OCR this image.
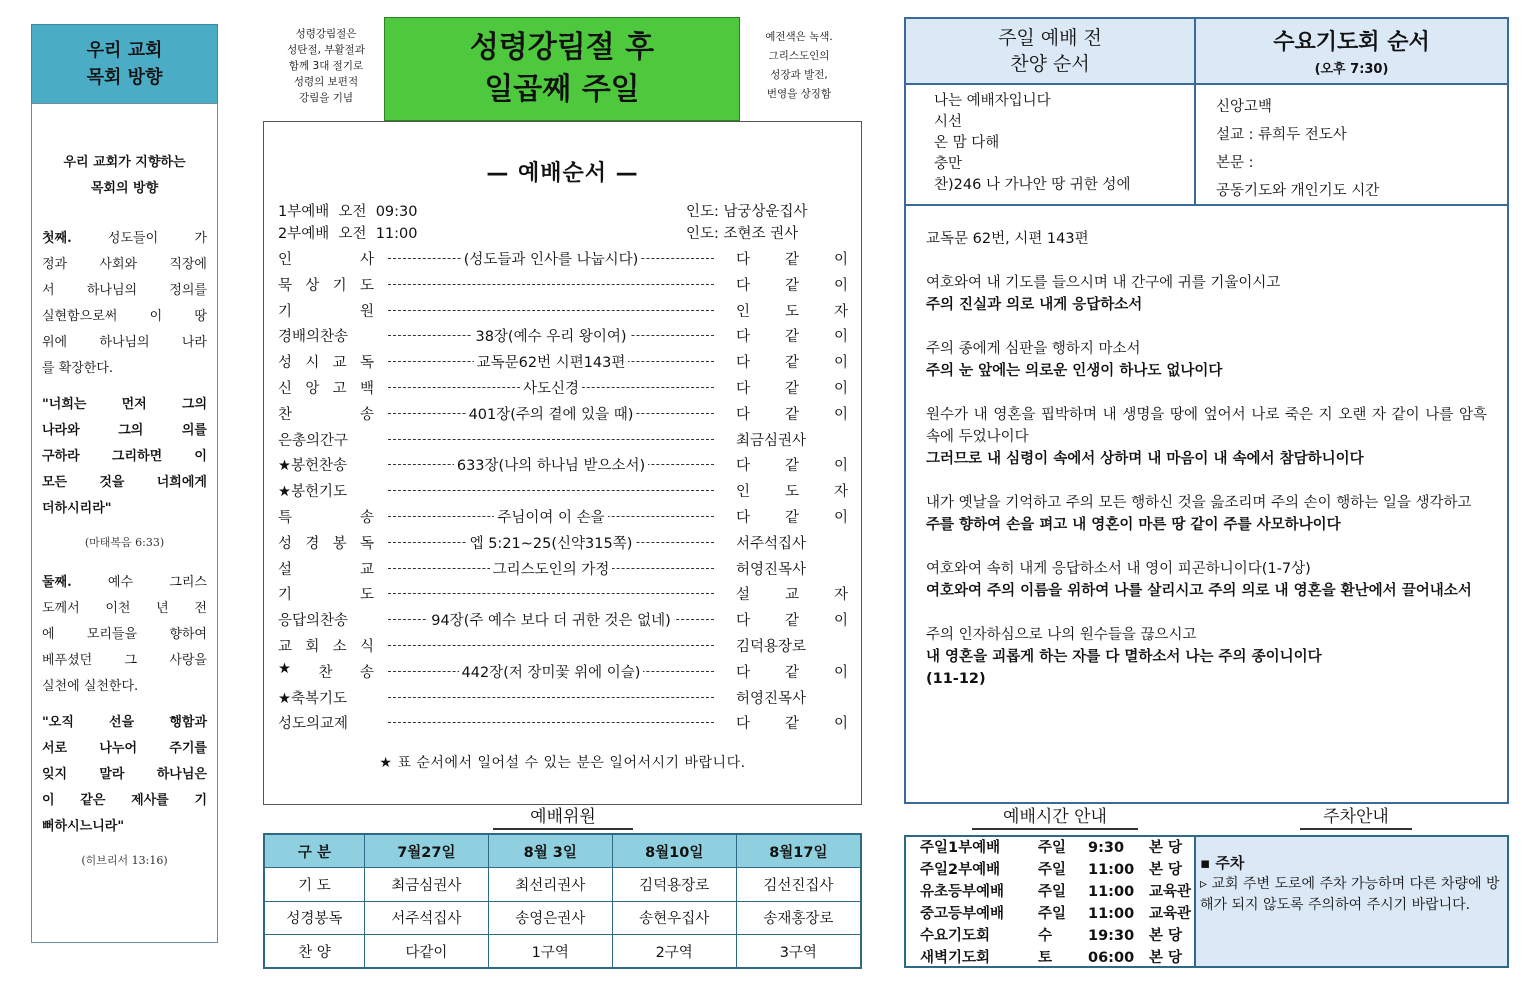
우리 교회
목회 방향
우리 교회가 지향하는
목회의 방향
첫째. 성도들이 가
정과 사회와 직장에
서 하나님의 정의를
실현함으로써 이 땅
위에 하나님의 나라
를 확장한다.
"너희는 먼저 그의
나라와 그의 의를
구하라 그리하면 이
모든 것을 너희에게
더하시리라"
(마태복음 6:33)
둘째. 예수 그리스
도께서 이천 년 전
에 모리들을 향하여
베푸셨던 그 사랑을
실천에 실천한다.
"오직 선을 행함과
서로 나누어 주기를
잊지 말라 하나님은
이 같은 제사를 기
뻐하시느니라"
(히브리서 13:16)
성령강림절은
성탄절, 부활절과
함께 3대 절기로
성령의 보편적
강림을 기념
성령강림절 후
일곱째 주일
예전색은 녹색.
그리스도인의
성장과 발전,
번영을 상징함
— 예배순서 —
1부예배 오전 09:30	인도: 남궁상운집사
2부예배 오전 11:00	인도: 조현조 권사
인	사	(성도들과 인사를 나눕시다)	다 같 이
묵 상 기 도	다 같 이
기	원	인 도 자
경배의찬송	38장(예수 우리 왕이여)	다 같 이
성 시 교 독	교독문62번 시편143편	다 같 이
신 앙 고 백	사도신경	다 같 이
찬	송	401장(주의 곁에 있을 때)	다 같 이
은총의간구	최금심권사
★봉헌찬송	633장(나의 하나님 받으소서)	다 같 이
★봉헌기도	인 도 자
특	송	주님이여 이 손을	다 같 이
성 경 봉 독	엡 5:21∼25(신약315쪽)	서주석집사
설	교	그리스도인의 가정	허영진목사
기	도	설 교 자
응답의찬송	94장(주 예수 보다 더 귀한 것은 없네)	다 같 이
교 회 소 식	김덕용장로
★ 찬 송	442장(저 장미꽃 위에 이슬)	다 같 이
★축복기도	허영진목사
성도의교제	다 같 이
★ 표 순서에서 일어설 수 있는 분은 일어서시기 바랍니다.
예배위원
구 분	7월27일	8월 3일	8월10일	8월17일
기 도	최금심권사	최선리권사	김덕용장로	김선진집사
성경봉독	서주석집사	송영은권사	송현우집사	송재홍장로
찬 양	다같이	1구역	2구역	3구역
주일 예배 전
찬양 순서
수요기도회 순서
(오후 7:30)
나는 예배자입니다
시선
온 맘 다해
충만
찬)246 나 가나안 땅 귀한 성에
신앙고백
설교 : 류희두 전도사
본문 :
공동기도와 개인기도 시간

교독문 62번, 시편 143편

여호와여 내 기도를 들으시며 내 간구에 귀를 기울이시고
주의 진실과 의로 내게 응답하소서

주의 종에게 심판을 행하지 마소서
주의 눈 앞에는 의로운 인생이 하나도 없나이다

원수가 내 영혼을 핍박하며 내 생명을 땅에 엎어서 나로 죽은 지 오랜 자 같이 나를 암흑 속에 두었나이다
그러므로 내 심령이 속에서 상하며 내 마음이 내 속에서 참담하니이다

내가 옛날을 기억하고 주의 모든 행하신 것을 읊조리며 주의 손이 행하는 일을 생각하고
주를 향하여 손을 펴고 내 영혼이 마른 땅 같이 주를 사모하나이다

여호와여 속히 내게 응답하소서 내 영이 피곤하니이다(1-7상)
여호와여 주의 이름을 위하여 나를 살리시고 주의 의로 내 영혼을 환난에서 끌어내소서

주의 인자하심으로 나의 원수들을 끊으시고
내 영혼을 괴롭게 하는 자를 다 멸하소서 나는 주의 종이니이다
(11-12)

예배시간 안내	주차안내
주일1부예배	주일 9:30 본 당
주일2부예배	주일 11:00 본 당
유초등부예배 주일 11:00 교육관
중고등부예배 주일 11:00 교육관
수요기도회	수 19:30 본 당
새벽기도회	토 06:00 본 당
▪ 주차
▹ 교회 주변 도로에 주차 가능하며 다른 차량에 방해가 되지 않도록 주의하여 주시기 바랍니다.
